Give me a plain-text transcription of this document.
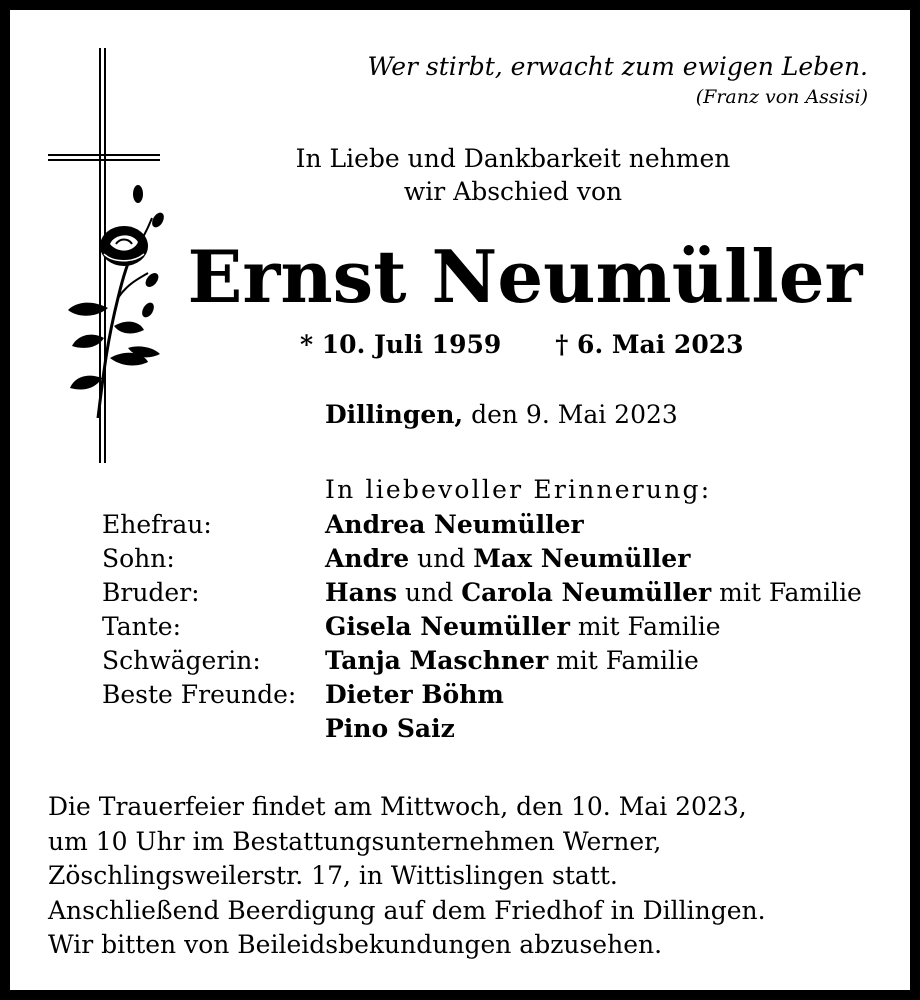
Wer stirbt, erwacht zum ewigen Leben.
(Franz von Assisi)
In Liebe und Dankbarkeit nehmen
wir Abschied von
Ernst Neumüller
* 10. Juli 1959 † 6. Mai 2023
Dillingen, den 9. Mai 2023
In liebevoller Erinnerung:
Ehefrau:	Andrea Neumüller
Sohn:	Andre und Max Neumüller
Bruder:	Hans und Carola Neumüller mit Familie
Tante:	Gisela Neumüller mit Familie
Schwägerin:	Tanja Maschner mit Familie
Beste Freunde: Dieter Böhm
Pino Saiz
Die Trauerfeier findet am Mittwoch, den 10. Mai 2023,
um 10 Uhr im Bestattungsunternehmen Werner,
Zöschlingsweilerstr. 17, in Wittislingen statt.
Anschließend Beerdigung auf dem Friedhof in Dillingen.
Wir bitten von Beileidsbekundungen abzusehen.
